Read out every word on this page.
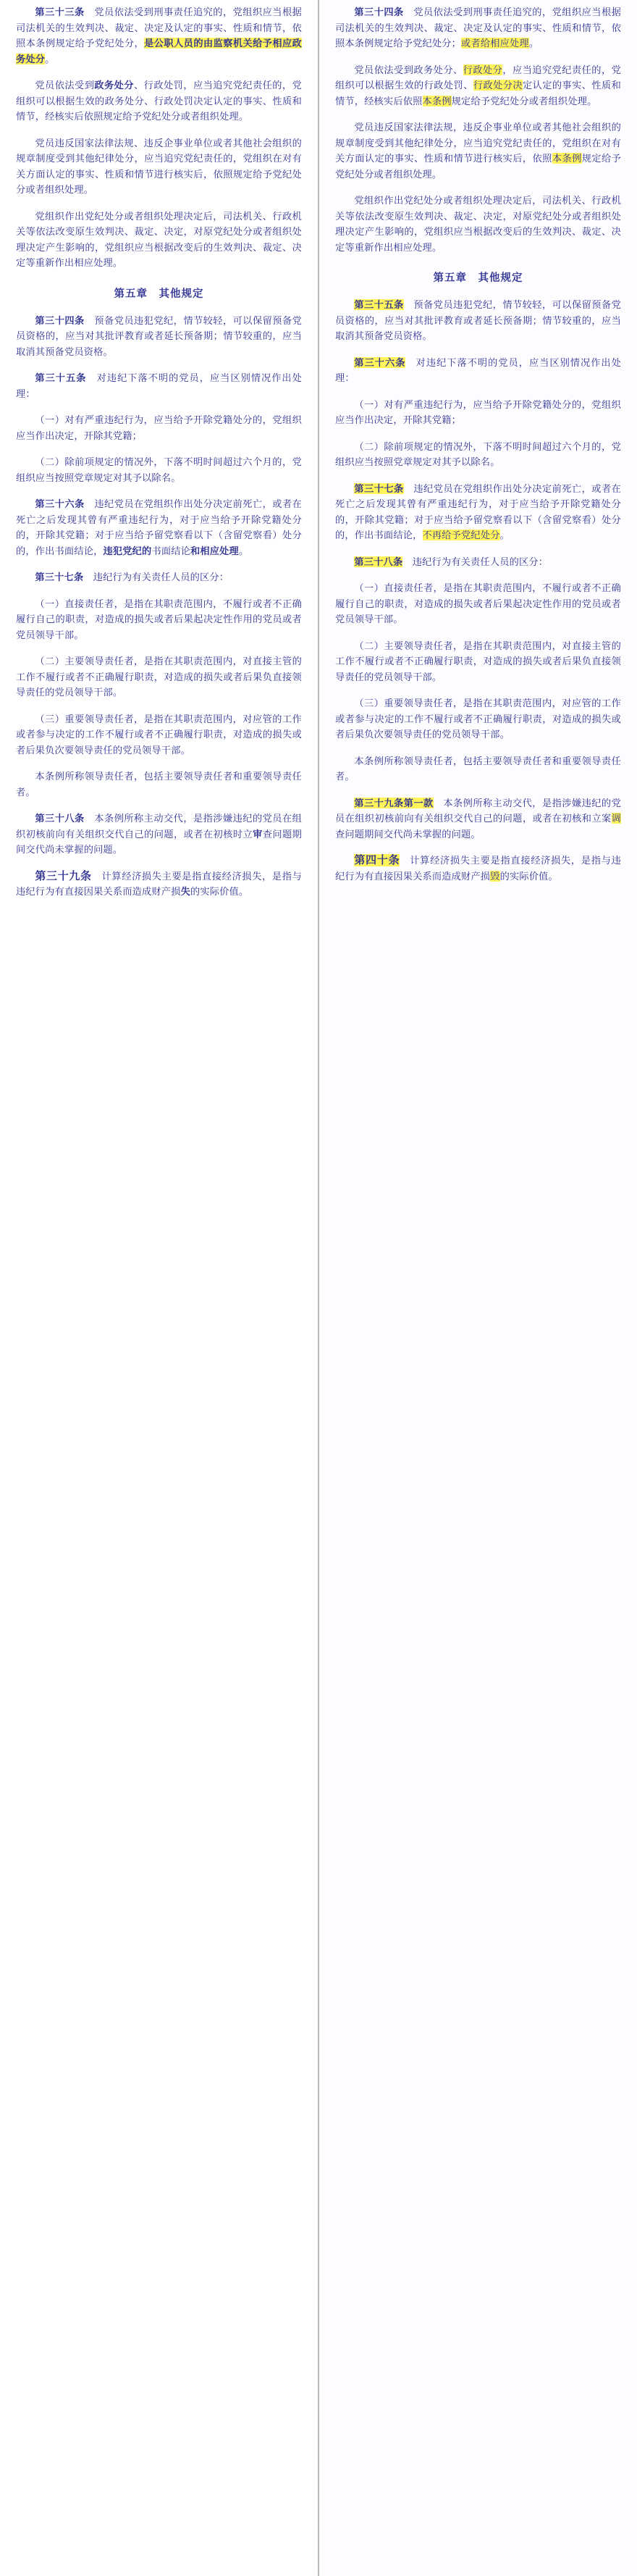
第三十三条　党员依法受到刑事责任追究的，党组织应当根据司法机关的生效判决、裁定、决定及认定的事实、性质和情节，依照本条例规定给予党纪处分，是公职人员的由监察机关给予相应政务处分。

党员依法受到政务处分、行政处罚，应当追究党纪责任的，党组织可以根据生效的政务处分、行政处罚决定认定的事实、性质和情节，经核实后依照规定给予党纪处分或者组织处理。

党员违反国家法律法规、违反企事业单位或者其他社会组织的规章制度受到其他纪律处分，应当追究党纪责任的，党组织在对有关方面认定的事实、性质和情节进行核实后，依照规定给予党纪处分或者组织处理。

党组织作出党纪处分或者组织处理决定后，司法机关、行政机关等依法改变原生效判决、裁定、决定，对原党纪处分或者组织处理决定产生影响的，党组织应当根据改变后的生效判决、裁定、决定等重新作出相应处理。

第五章　其他规定

第三十四条　预备党员违犯党纪，情节较轻，可以保留预备党员资格的，应当对其批评教育或者延长预备期；情节较重的，应当取消其预备党员资格。

第三十五条　对违纪下落不明的党员，应当区别情况作出处理：

（一）对有严重违纪行为，应当给予开除党籍处分的，党组织应当作出决定，开除其党籍；

（二）除前项规定的情况外，下落不明时间超过六个月的，党组织应当按照党章规定对其予以除名。

第三十六条　违纪党员在党组织作出处分决定前死亡，或者在死亡之后发现其曾有严重违纪行为，对于应当给予开除党籍处分的，开除其党籍；对于应当给予留党察看以下（含留党察看）处分的，作出书面结论，违犯党纪的书面结论和相应处理。

第三十七条　违纪行为有关责任人员的区分：

（一）直接责任者，是指在其职责范围内，不履行或者不正确履行自己的职责，对造成的损失或者后果起决定性作用的党员或者党员领导干部。

（二）主要领导责任者，是指在其职责范围内，对直接主管的工作不履行或者不正确履行职责，对造成的损失或者后果负直接领导责任的党员领导干部。

（三）重要领导责任者，是指在其职责范围内，对应管的工作或者参与决定的工作不履行或者不正确履行职责，对造成的损失或者后果负次要领导责任的党员领导干部。

本条例所称领导责任者，包括主要领导责任者和重要领导责任者。

第三十八条　本条例所称主动交代，是指涉嫌违纪的党员在组织初核前向有关组织交代自己的问题，或者在初核时立审查问题期间交代尚未掌握的问题。

第三十九条　计算经济损失主要是指直接经济损失，是指与违纪行为有直接因果关系而造成财产损失的实际价值。

第三十四条　党员依法受到刑事责任追究的，党组织应当根据司法机关的生效判决、裁定、决定及认定的事实、性质和情节，依照本条例规定给予党纪处分；或者给相应处理。

党员依法受到政务处分、行政处分，应当追究党纪责任的，党组织可以根据生效的行政处罚、行政处分决定认定的事实、性质和情节，经核实后依照本条例规定给予党纪处分或者组织处理。

党员违反国家法律法规，违反企事业单位或者其他社会组织的规章制度受到其他纪律处分，应当追究党纪责任的，党组织在对有关方面认定的事实、性质和情节进行核实后，依照本条例规定给予党纪处分或者组织处理。

党组织作出党纪处分或者组织处理决定后，司法机关、行政机关等依法改变原生效判决、裁定、决定，对原党纪处分或者组织处理决定产生影响的，党组织应当根据改变后的生效判决、裁定、决定等重新作出相应处理。

第五章　其他规定

第三十五条　预备党员违犯党纪，情节较轻，可以保留预备党员资格的，应当对其批评教育或者延长预备期；情节较重的，应当取消其预备党员资格。

第三十六条　对违纪下落不明的党员，应当区别情况作出处理：

（一）对有严重违纪行为，应当给予开除党籍处分的，党组织应当作出决定，开除其党籍；

（二）除前项规定的情况外，下落不明时间超过六个月的，党组织应当按照党章规定对其予以除名。

第三十七条　违纪党员在党组织作出处分决定前死亡，或者在死亡之后发现其曾有严重违纪行为，对于应当给予开除党籍处分的，开除其党籍；对于应当给予留党察看以下（含留党察看）处分的，作出书面结论，不再给予党纪处分。

第三十八条　违纪行为有关责任人员的区分：

（一）直接责任者，是指在其职责范围内，不履行或者不正确履行自己的职责，对造成的损失或者后果起决定性作用的党员或者党员领导干部。

（二）主要领导责任者，是指在其职责范围内，对直接主管的工作不履行或者不正确履行职责，对造成的损失或者后果负直接领导责任的党员领导干部。

（三）重要领导责任者，是指在其职责范围内，对应管的工作或者参与决定的工作不履行或者不正确履行职责，对造成的损失或者后果负次要领导责任的党员领导干部。

本条例所称领导责任者，包括主要领导责任者和重要领导责任者。

第三十九条第一款　本条例所称主动交代，是指涉嫌违纪的党员在组织初核前向有关组织交代自己的问题，或者在初核和立案调查问题期间交代尚未掌握的问题。

第四十条　计算经济损失主要是指直接经济损失，是指与违纪行为有直接因果关系而造成财产损毁的实际价值。
